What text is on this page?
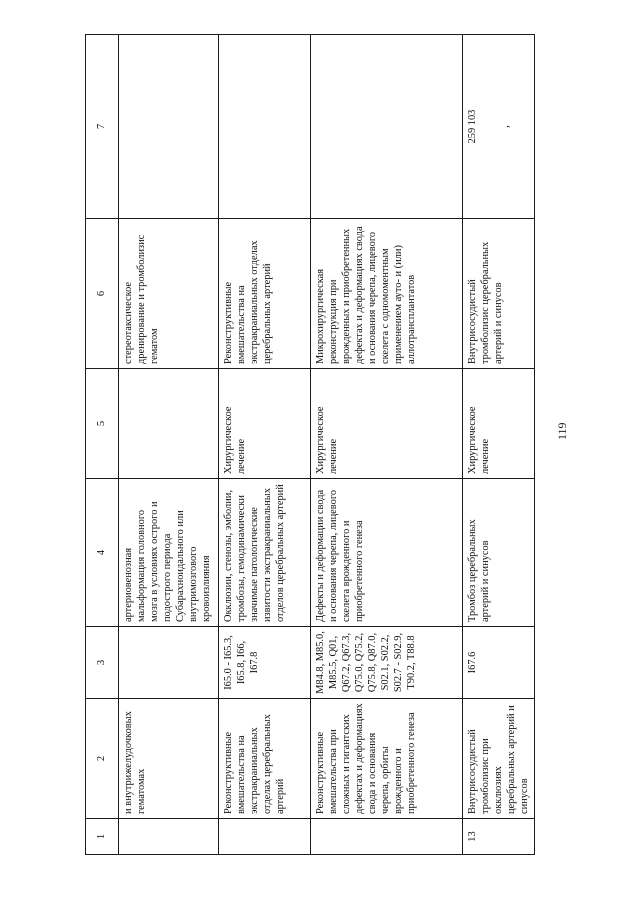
119
1	2	3	4	5	6	7
	и внутрижелудочковых гематомах		артериовенозная мальформация головного мозга в условиях острого и подострого периода Субарахноидального или внутримозгового кровоизлияния		стереотаксическое дренирование и тромболизис гематом	
	Реконструктивные вмешательства на экстракраниальных отделах церебральных артерий	I65.0 - I65.3, I65.8, I66, I67.8	Окклюзии, стенозы, эмболии, тромбозы, гемодинамически значимые патологические извитости экстракраниальных отделов церебральных артерий	Хирургическое лечение	Реконструктивные вмешательства на экстракраниальных отделах церебральных артерий	
	Реконструктивные вмешательства при сложных и гигантских дефектах и деформациях свода и основания черепа, орбиты врожденного и приобретенного генеза	M84.8, M85.0, M85.5, Q01, Q67.2, Q67.3, Q75.0, Q75.2, Q75.8, Q87.0, S02.1, S02.2, S02.7 - S02.9, T90.2, T88.8	Дефекты и деформации свода и основания черепа, лицевого скелета врожденного и приобретенного генеза	Хирургическое лечение	Микрохирургическая реконструкция при врожденных и приобретенных дефектах и деформациях свода и основания черепа, лицевого скелета с одномоментным применением ауто- и (или) аллотрансплантатов	
13	Внутрисосудистый тромболизис при окклюзиях церебральных артерий и синусов	I67.6	Тромбоз церебральных артерий и синусов	Хирургическое лечение	Внутрисосудистый тромболизис церебральных артерий и синусов	259 103 ,
